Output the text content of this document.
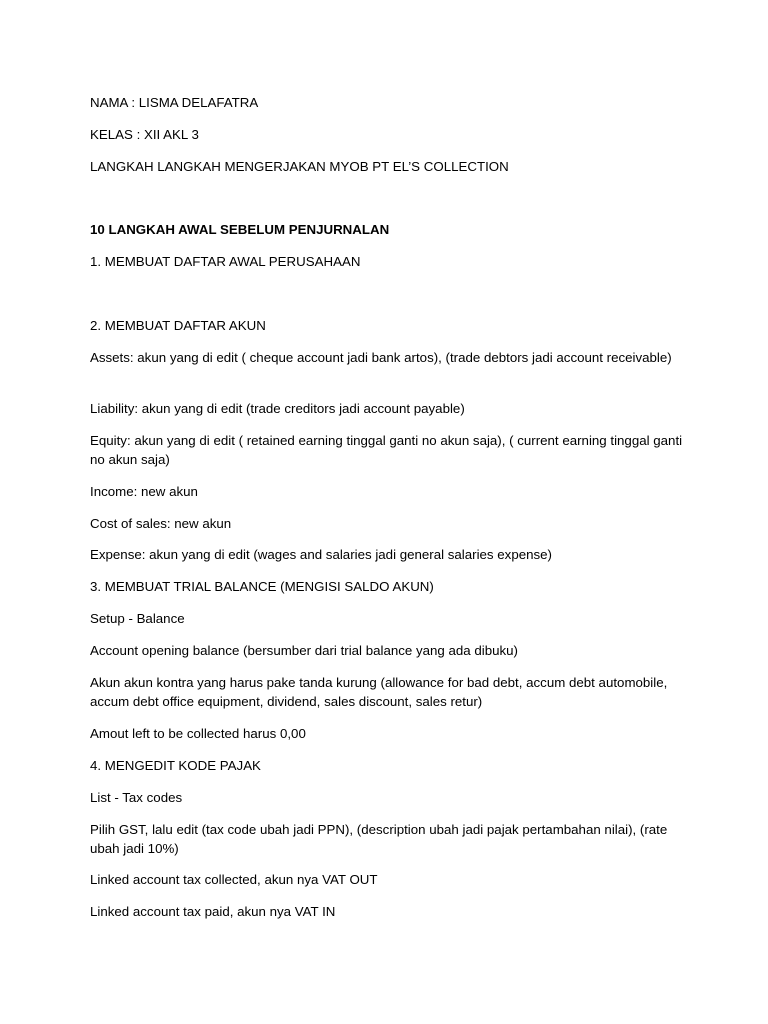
NAMA : LISMA DELAFATRA

KELAS : XII AKL 3

LANGKAH LANGKAH MENGERJAKAN MYOB PT EL’S COLLECTION

10 LANGKAH AWAL SEBELUM PENJURNALAN

1. MEMBUAT DAFTAR AWAL PERUSAHAAN

2. MEMBUAT DAFTAR AKUN

Assets: akun yang di edit ( cheque account jadi bank artos), (trade debtors jadi account receivable)

Liability: akun yang di edit (trade creditors jadi account payable)

Equity: akun yang di edit ( retained earning tinggal ganti no akun saja), ( current earning tinggal ganti no akun saja)

Income: new akun

Cost of sales: new akun

Expense: akun yang di edit (wages and salaries jadi general salaries expense)

3. MEMBUAT TRIAL BALANCE (MENGISI SALDO AKUN)

Setup - Balance

Account opening balance (bersumber dari trial balance yang ada dibuku)

Akun akun kontra yang harus pake tanda kurung (allowance for bad debt, accum debt automobile, accum debt office equipment, dividend, sales discount, sales retur)

Amout left to be collected harus 0,00

4. MENGEDIT KODE PAJAK

List - Tax codes

Pilih GST, lalu edit (tax code ubah jadi PPN), (description ubah jadi pajak pertambahan nilai), (rate ubah jadi 10%)

Linked account tax collected, akun nya VAT OUT

Linked account tax paid, akun nya VAT IN
